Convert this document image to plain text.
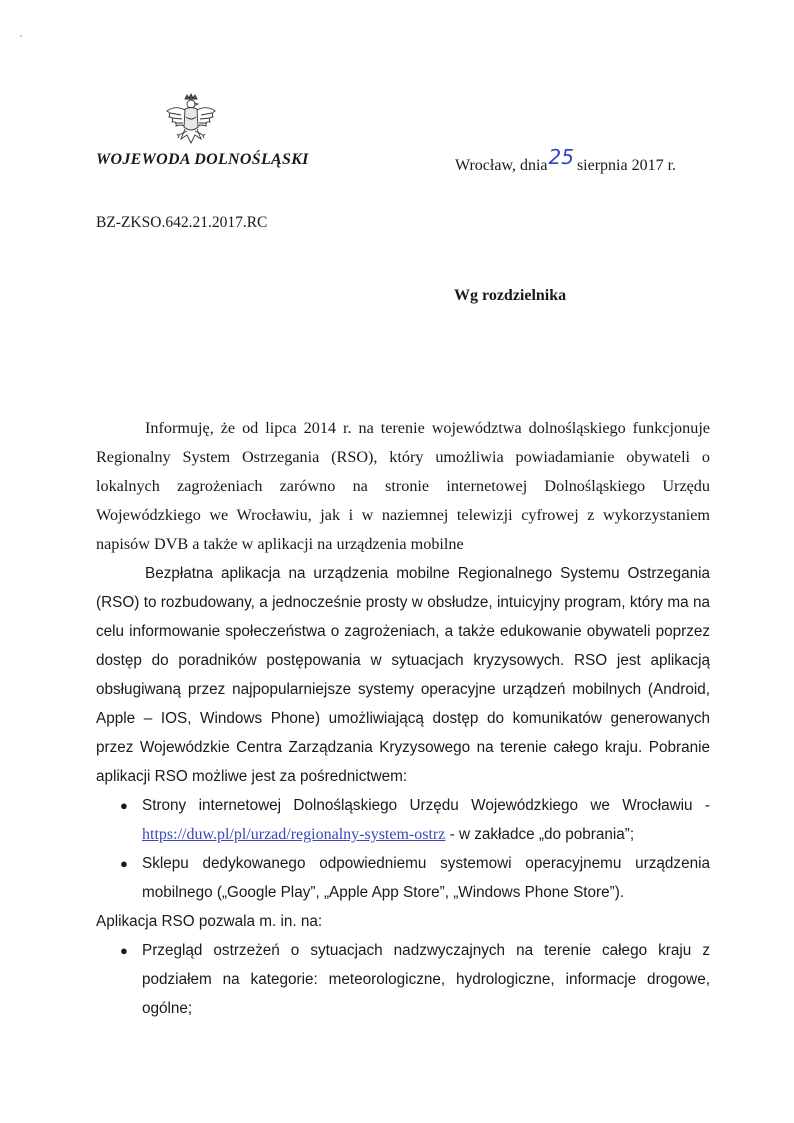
WOJEWODA DOLNOŚLĄSKI	Wrocław, dnia25 sierpnia 2017 r.
BZ-ZKSO.642.21.2017.RC
Wg rozdzielnika

Informuję, że od lipca 2014 r. na terenie województwa dolnośląskiego funkcjonuje Regionalny System Ostrzegania (RSO), który umożliwia powiadamianie obywateli o lokalnych zagrożeniach zarówno na stronie internetowej Dolnośląskiego Urzędu Wojewódzkiego we Wrocławiu, jak i w naziemnej telewizji cyfrowej z wykorzystaniem napisów DVB a także w aplikacji na urządzenia mobilne

Bezpłatna aplikacja na urządzenia mobilne Regionalnego Systemu Ostrzegania (RSO) to rozbudowany, a jednocześnie prosty w obsłudze, intuicyjny program, który ma na celu informowanie społeczeństwa o zagrożeniach, a także edukowanie obywateli poprzez dostęp do poradników postępowania w sytuacjach kryzysowych. RSO jest aplikacją obsługiwaną przez najpopularniejsze systemy operacyjne urządzeń mobilnych (Android, Apple – IOS, Windows Phone) umożliwiającą dostęp do komunikatów generowanych przez Wojewódzkie Centra Zarządzania Kryzysowego na terenie całego kraju. Pobranie aplikacji RSO możliwe jest za pośrednictwem:

● Strony internetowej Dolnośląskiego Urzędu Wojewódzkiego we Wrocławiu - https://duw.pl/pl/urzad/regionalny-system-ostrz - w zakładce „do pobrania”;
● Sklepu dedykowanego odpowiedniemu systemowi operacyjnemu urządzenia mobilnego („Google Play”, „Apple App Store”, „Windows Phone Store”).

Aplikacja RSO pozwala m. in. na:

● Przegląd ostrzeżeń o sytuacjach nadzwyczajnych na terenie całego kraju z podziałem na kategorie: meteorologiczne, hydrologiczne, informacje drogowe, ogólne;
